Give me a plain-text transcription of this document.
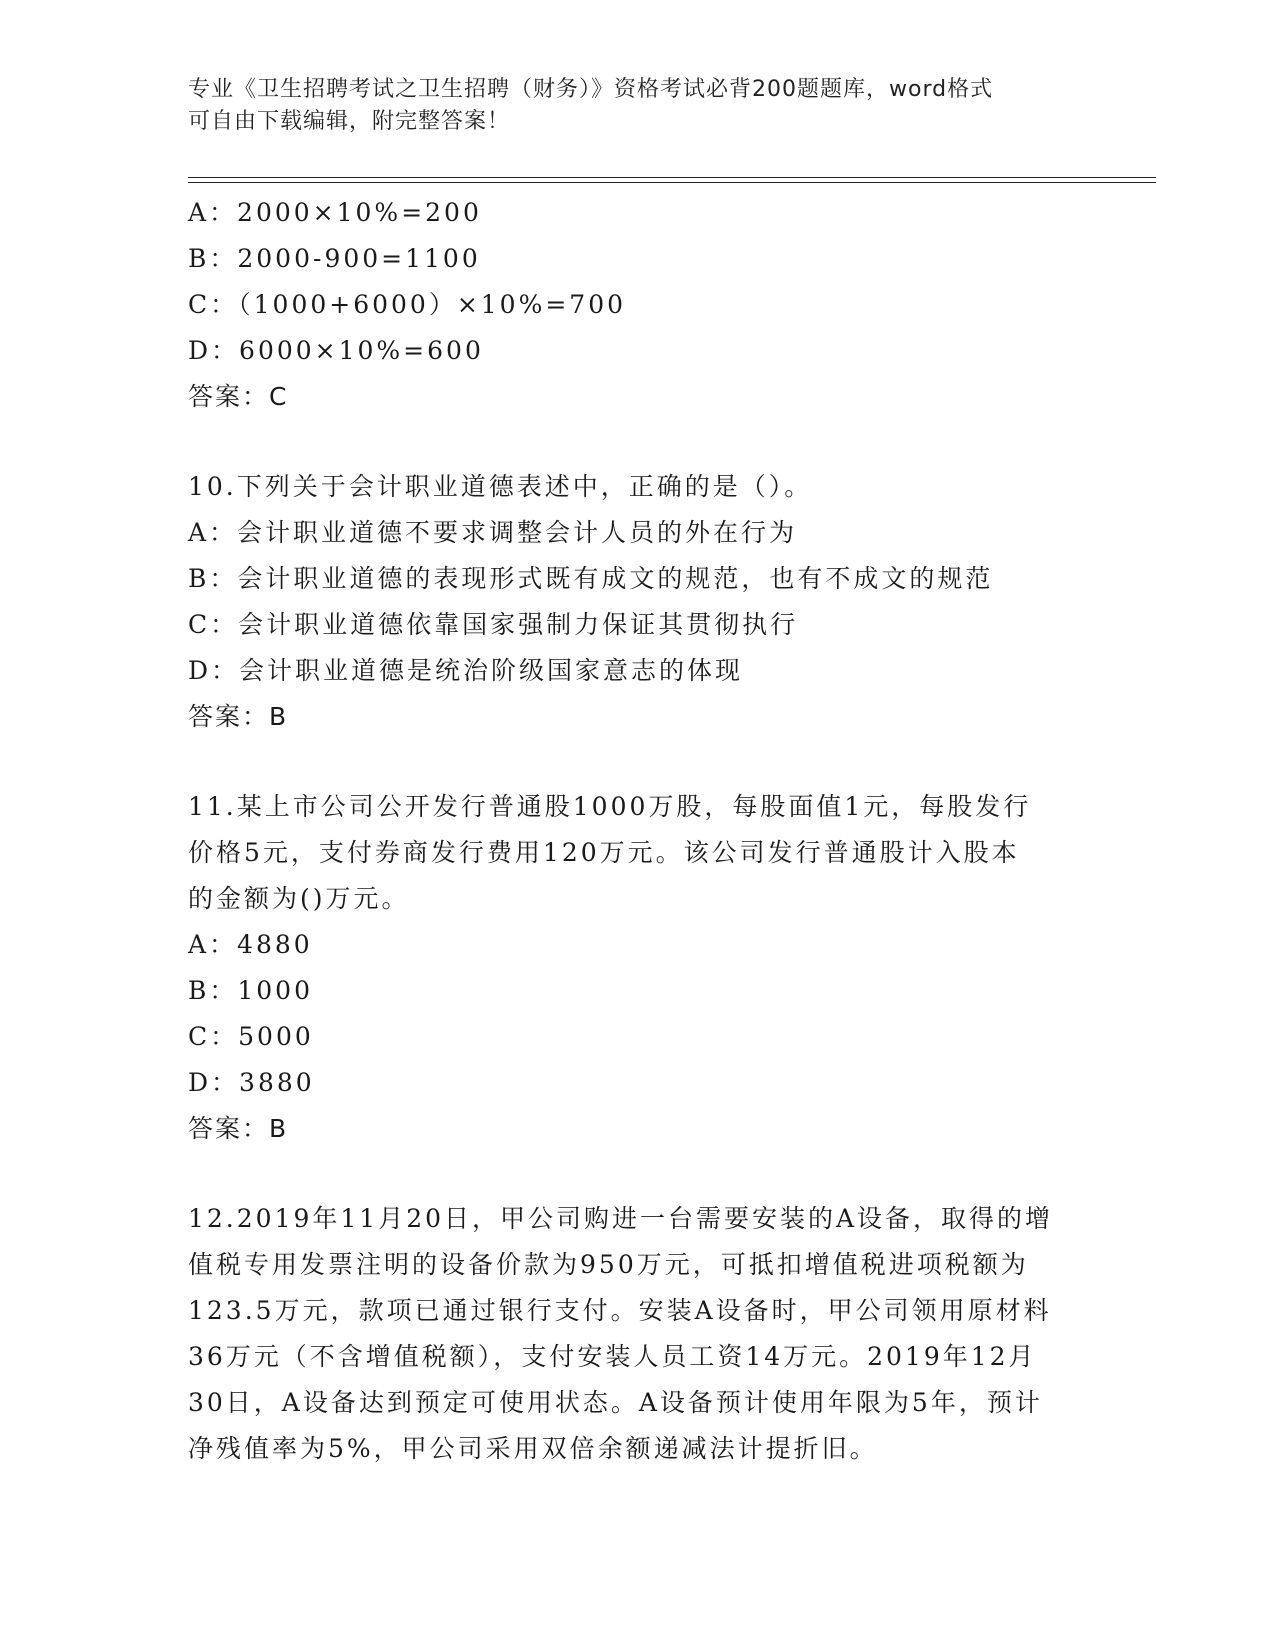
专业《卫生招聘考试之卫生招聘（财务）》资格考试必背200题题库，word格式
可自由下载编辑，附完整答案！
A：2000×10%=200
B：2000-900=1100
C：（1000+6000）×10%=700
D：6000×10%=600
答案：C
10.下列关于会计职业道德表述中，正确的是（）。
A：会计职业道德不要求调整会计人员的外在行为
B：会计职业道德的表现形式既有成文的规范，也有不成文的规范
C：会计职业道德依靠国家强制力保证其贯彻执行
D：会计职业道德是统治阶级国家意志的体现
答案：B
11.某上市公司公开发行普通股1000万股，每股面值1元，每股发行
价格5元，支付券商发行费用120万元。该公司发行普通股计入股本
的金额为()万元。
A：4880
B：1000
C：5000
D：3880
答案：B
12.2019年11月20日，甲公司购进一台需要安装的A设备，取得的增
值税专用发票注明的设备价款为950万元，可抵扣增值税进项税额为
123.5万元，款项已通过银行支付。安装A设备时，甲公司领用原材料
36万元（不含增值税额），支付安装人员工资14万元。2019年12月
30日，A设备达到预定可使用状态。A设备预计使用年限为5年，预计
净残值率为5%，甲公司采用双倍余额递减法计提折旧。
